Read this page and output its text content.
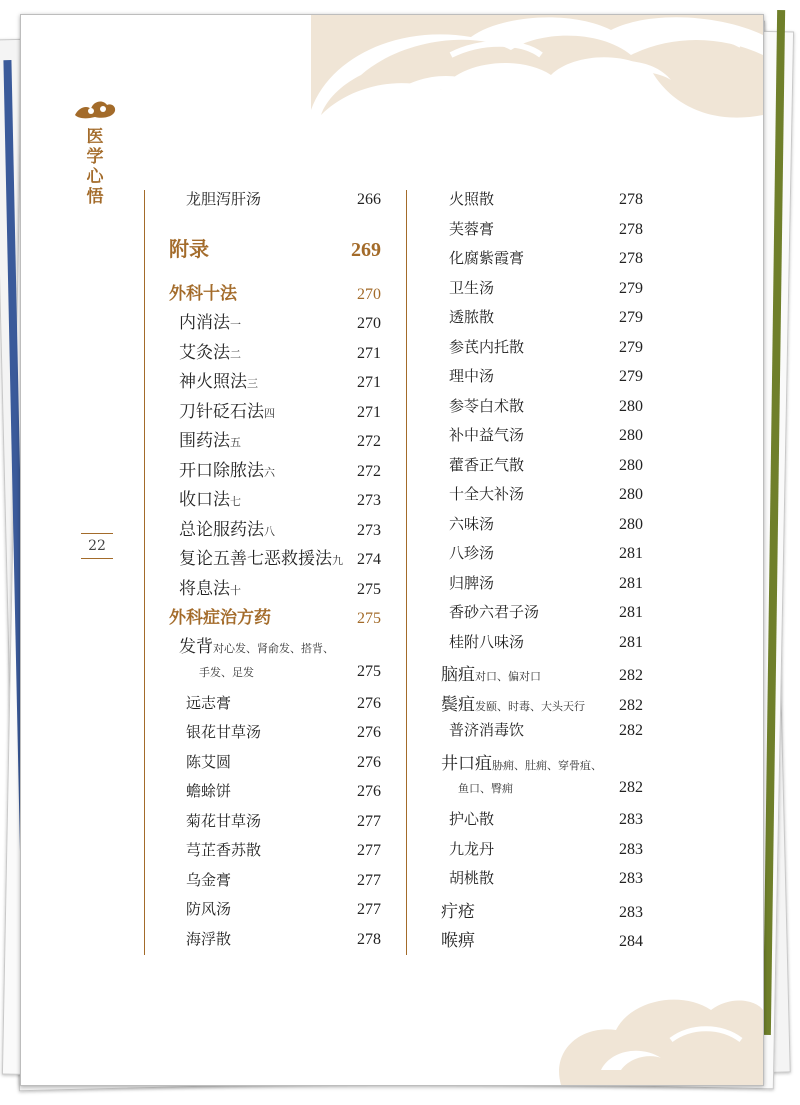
医学心悟
22
龙胆泻肝汤	266
附录	269
外科十法	270
内消法一	270
艾灸法二	271
神火照法三	271
刀针砭石法四	271
围药法五	272
开口除脓法六	272
收口法七	273
总论服药法八	273
复论五善七恶救援法九 274
将息法十	275
外科症治方药	275
发背对心发、肾俞发、搭背、
手发、足发	275
远志膏	276
银花甘草汤	276
陈艾圆	276
蟾蜍饼	276
菊花甘草汤	277
芎芷香苏散	277
乌金膏	277
防风汤	277
海浮散	278
火照散	278
芙蓉膏	278
化腐紫霞膏	278
卫生汤	279
透脓散	279
参芪内托散	279
理中汤	279
参苓白术散	280
补中益气汤	280
藿香正气散	280
十全大补汤	280
六味汤	280
八珍汤	281
归脾汤	281
香砂六君子汤	281
桂附八味汤	281
脑疽对口、偏对口	282
鬓疽发颐、时毒、大头天行 282
普济消毒饮	282
井口疽胁痈、肚痈、穿骨疽、
鱼口、臀痈	282
护心散	283
九龙丹	283
胡桃散	283
疔疮	283
喉痹	284
